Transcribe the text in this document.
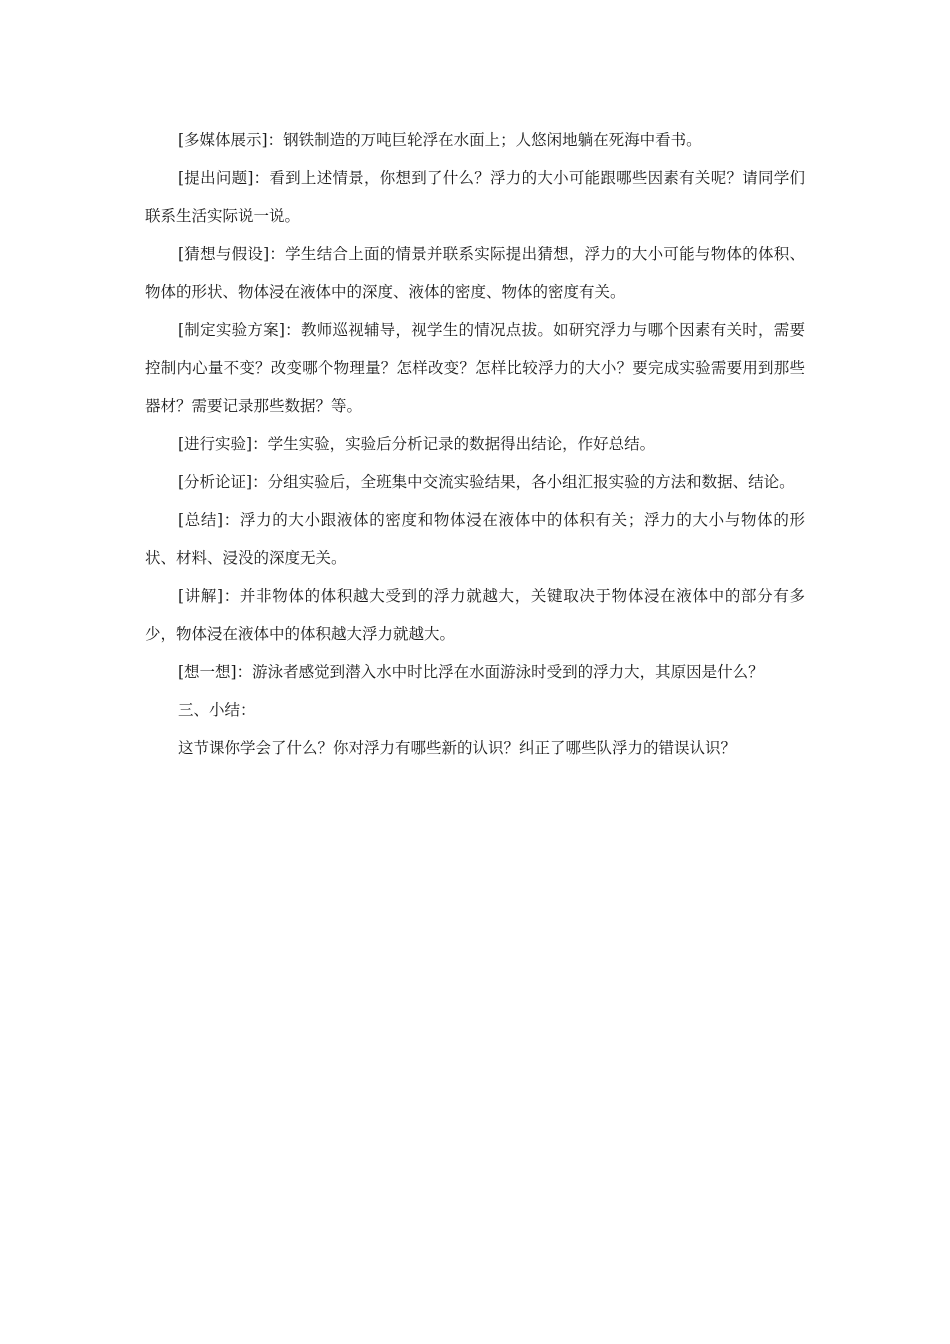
[多媒体展示]：钢铁制造的万吨巨轮浮在水面上；人悠闲地躺在死海中看书。

[提出问题]：看到上述情景，你想到了什么？浮力的大小可能跟哪些因素有关呢？请同学们联系生活实际说一说。

[猜想与假设]：学生结合上面的情景并联系实际提出猜想，浮力的大小可能与物体的体积、物体的形状、物体浸在液体中的深度、液体的密度、物体的密度有关。

[制定实验方案]：教师巡视辅导，视学生的情况点拔。如研究浮力与哪个因素有关时，需要控制内心量不变？改变哪个物理量？怎样改变？怎样比较浮力的大小？要完成实验需要用到那些器材？需要记录那些数据？等。

[进行实验]：学生实验，实验后分析记录的数据得出结论，作好总结。

[分析论证]：分组实验后，全班集中交流实验结果，各小组汇报实验的方法和数据、结论。

[总结]：浮力的大小跟液体的密度和物体浸在液体中的体积有关；浮力的大小与物体的形状、材料、浸没的深度无关。

[讲解]：并非物体的体积越大受到的浮力就越大，关键取决于物体浸在液体中的部分有多少，物体浸在液体中的体积越大浮力就越大。

[想一想]：游泳者感觉到潜入水中时比浮在水面游泳时受到的浮力大，其原因是什么？

三、小结：

这节课你学会了什么？你对浮力有哪些新的认识？纠正了哪些队浮力的错误认识？
